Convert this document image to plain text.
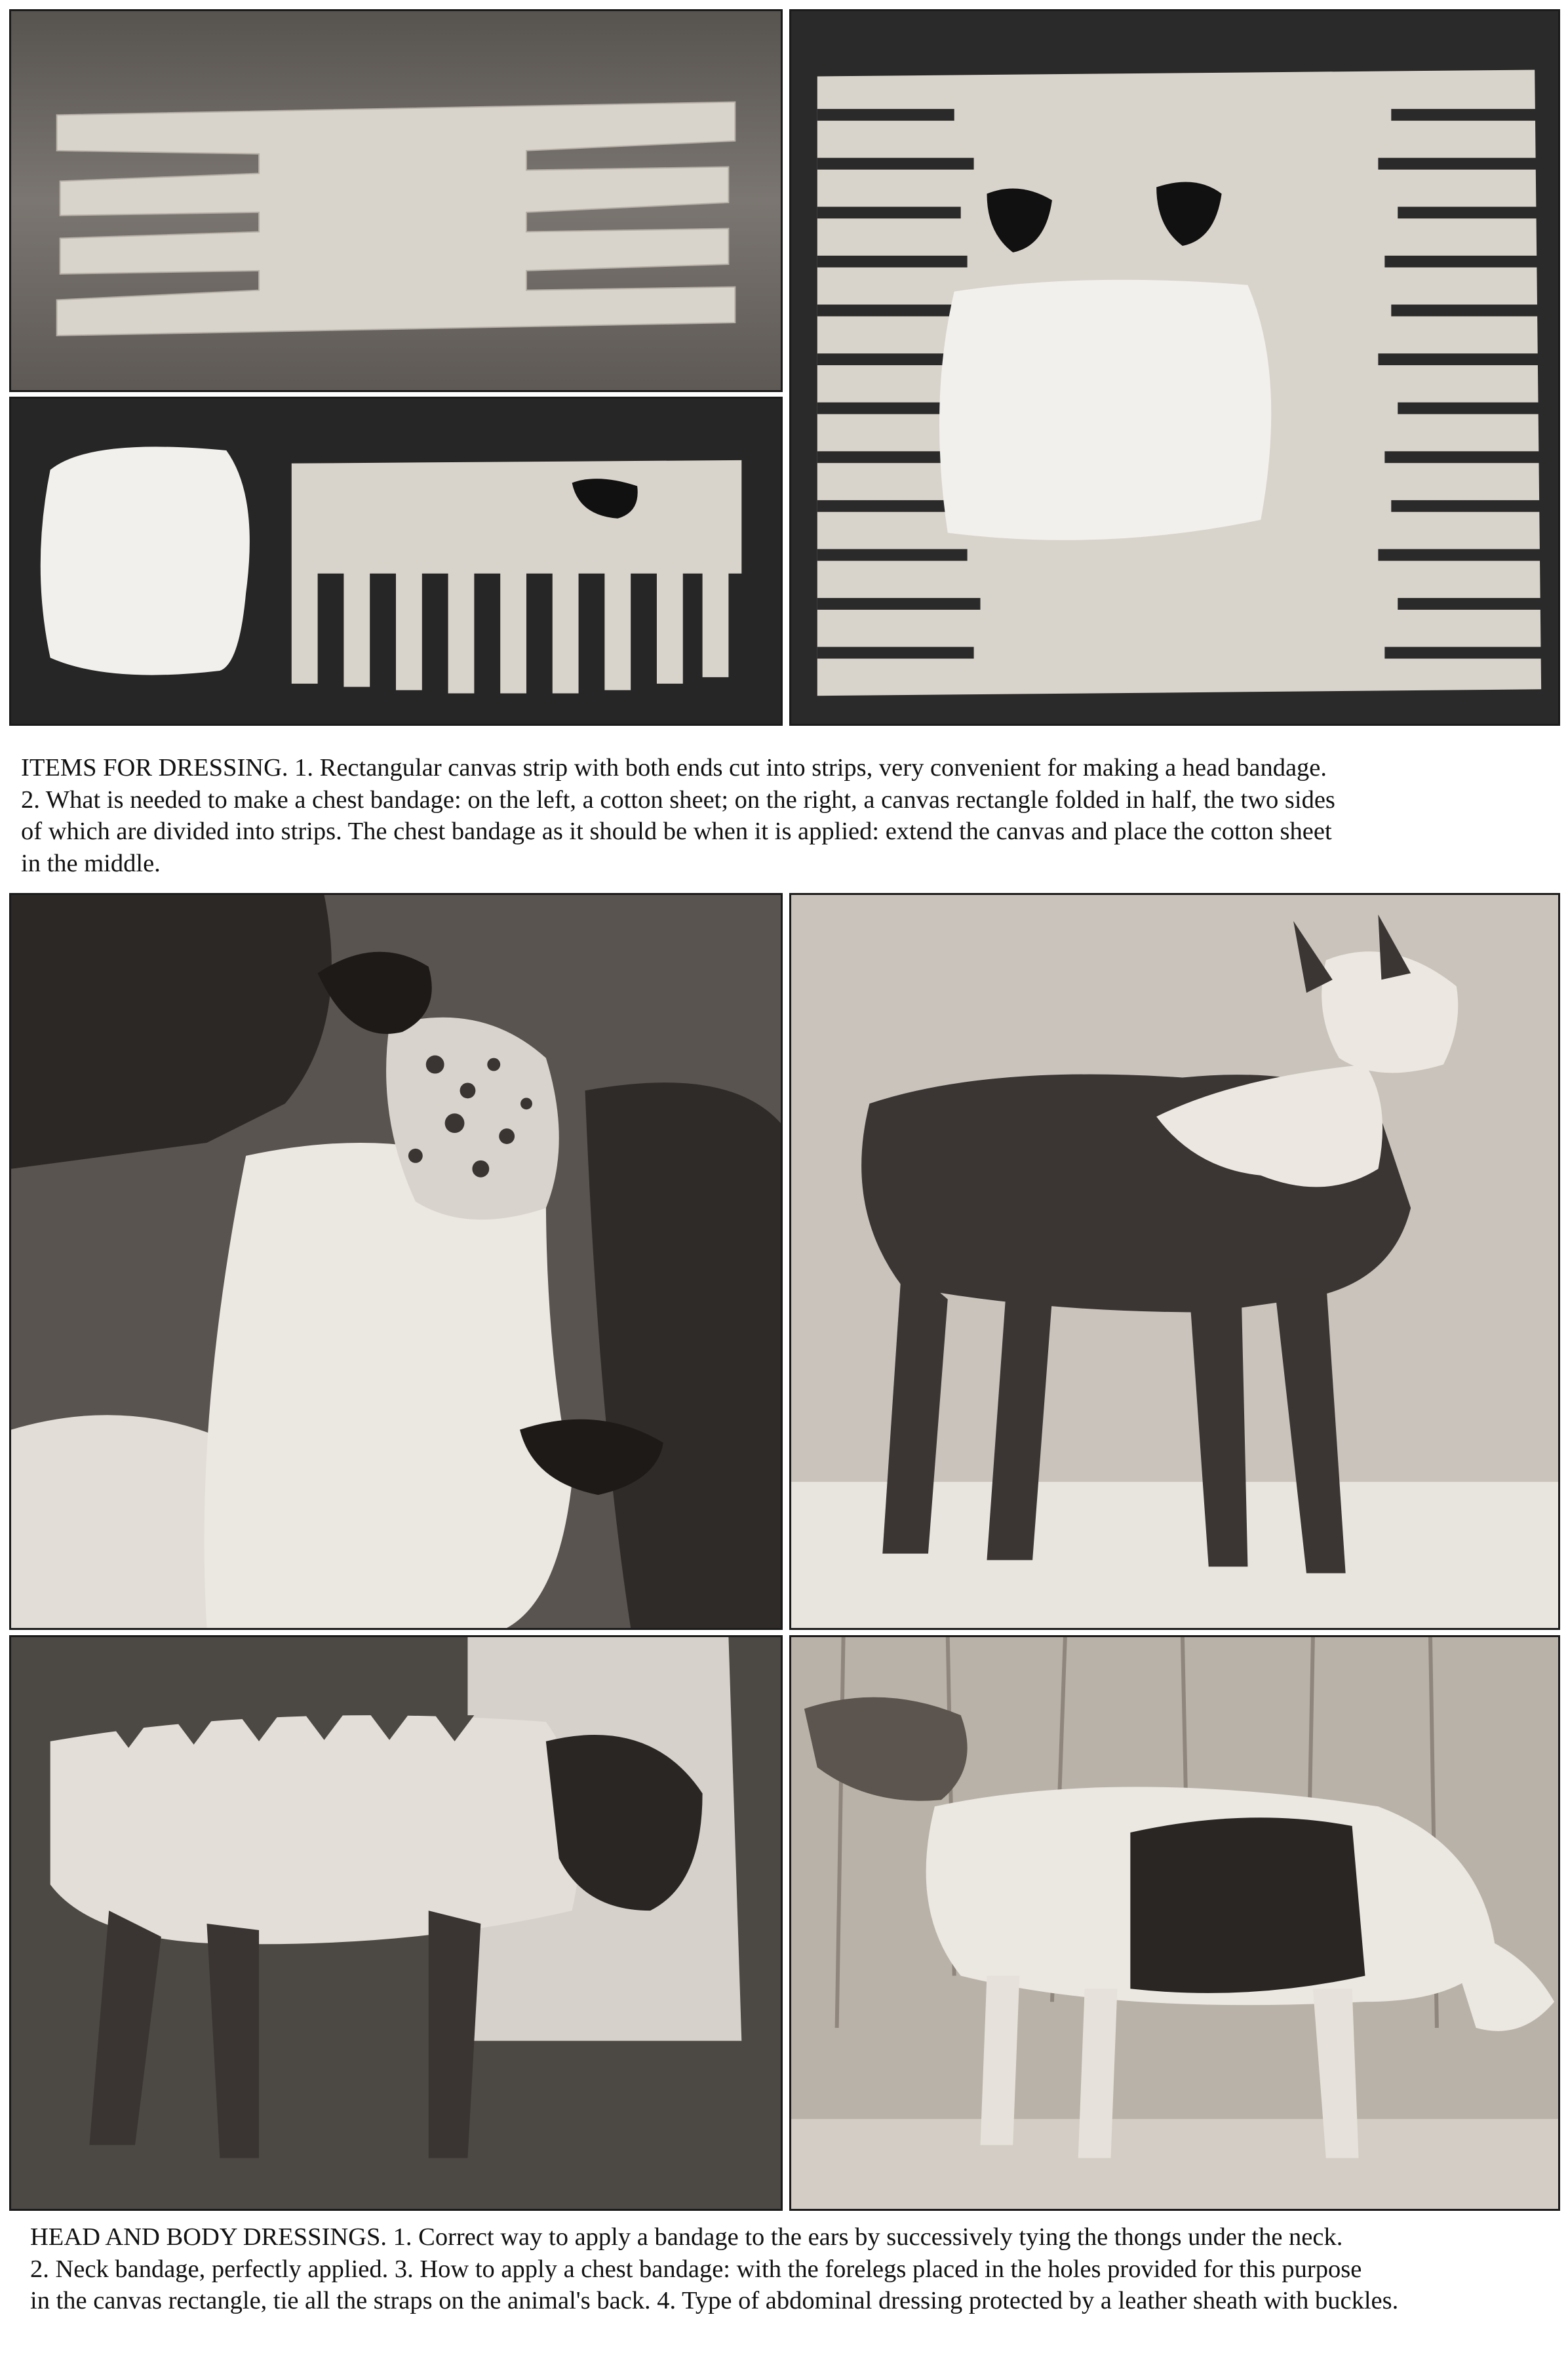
ITEMS FOR DRESSING. 1. Rectangular canvas strip with both ends cut into strips, very convenient for making a head bandage.

2. What is needed to make a chest bandage: on the left, a cotton sheet; on the right, a canvas rectangle folded in half, the two sides

of which are divided into strips. The chest bandage as it should be when it is applied: extend the canvas and place the cotton sheet

in the middle.

HEAD AND BODY DRESSINGS. 1. Correct way to apply a bandage to the ears by successively tying the thongs under the neck.

2. Neck bandage, perfectly applied. 3. How to apply a chest bandage: with the forelegs placed in the holes provided for this purpose

in the canvas rectangle, tie all the straps on the animal's back. 4. Type of abdominal dressing protected by a leather sheath with buckles.
